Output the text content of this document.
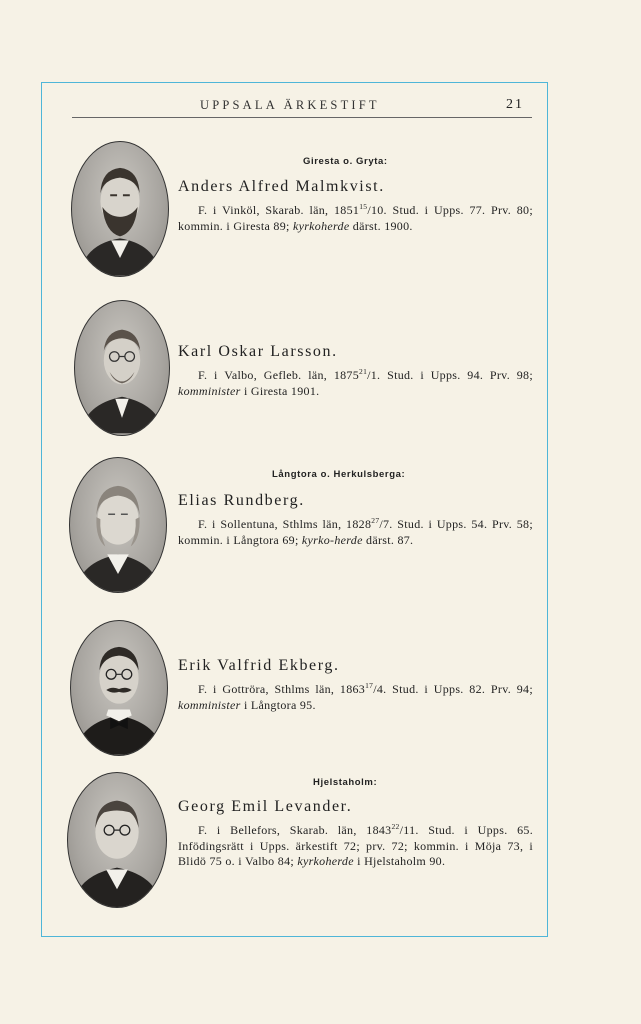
UPPSALA ÄRKESTIFT	21
Giresta o. Gryta:
Anders Alfred Malmkvist.

F. i Vinköl, Skarab. län, 1851$^{15}$/10. Stud. i Upps. 77. Prv. 80; kommin. i Giresta 89; kyrkoherde därst. 1900.

Karl Oskar Larsson.

F. i Valbo, Gefleb. län, 1875$^{21}$/1. Stud. i Upps. 94. Prv. 98; komminister i Giresta 1901.

Långtora o. Herkulsberga:
Elias Rundberg.

F. i Sollentuna, Sthlms län, 1828$^{27}$/7. Stud. i Upps. 54. Prv. 58; kommin. i Långtora 69; kyrko-herde därst. 87.

Erik Valfrid Ekberg.

F. i Gottröra, Sthlms län, 1863$^{17}$/4. Stud. i Upps. 82. Prv. 94; komminister i Långtora 95.

Hjelstaholm:
Georg Emil Levander.

F. i Bellefors, Skarab. län, 1843$^{22}$/11. Stud. i Upps. 65. Infödingsrätt i Upps. ärkestift 72; prv. 72; kommin. i Möja 73, i Blidö 75 o. i Valbo 84; kyrkoherde i Hjelstaholm 90.
